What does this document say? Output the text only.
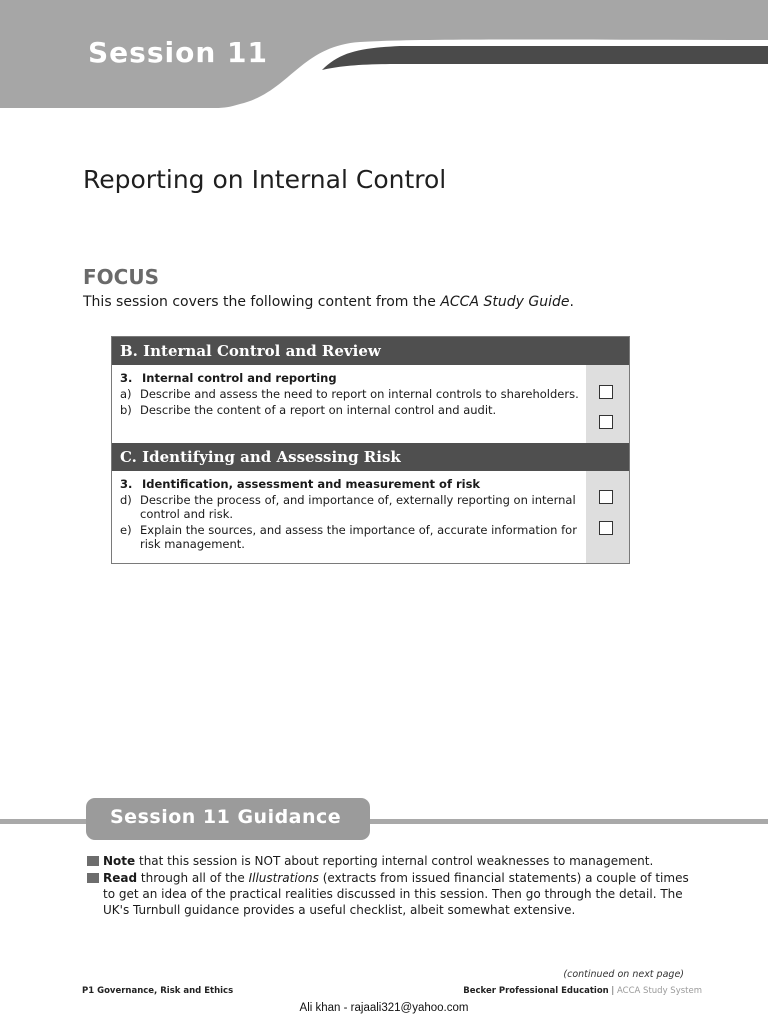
Session 11
Reporting on Internal Control
FOCUS

This session covers the following content from the ACCA Study Guide.

B. Internal Control and Review

3. Internal control and reporting

a) Describe and assess the need to report on internal controls to shareholders.
b) Describe the content of a report on internal control and audit.
C. Identifying and Assessing Risk

3. Identification, assessment and measurement of risk

d) Describe the process of, and importance of, externally reporting on internal control and risk.
e) Explain the sources, and assess the importance of, accurate information for risk management.
Session 11 Guidance
Note that this session is NOT about reporting internal control weaknesses to management.
Read through all of the Illustrations (extracts from issued financial statements) a couple of times to get an idea of the practical realities discussed in this session. Then go through the detail. The UK's Turnbull guidance provides a useful checklist, albeit somewhat extensive.

(continued on next page)

P1 Governance, Risk and Ethics	Becker Professional Education | ACCA Study System

Ali khan - rajaali321@yahoo.com
